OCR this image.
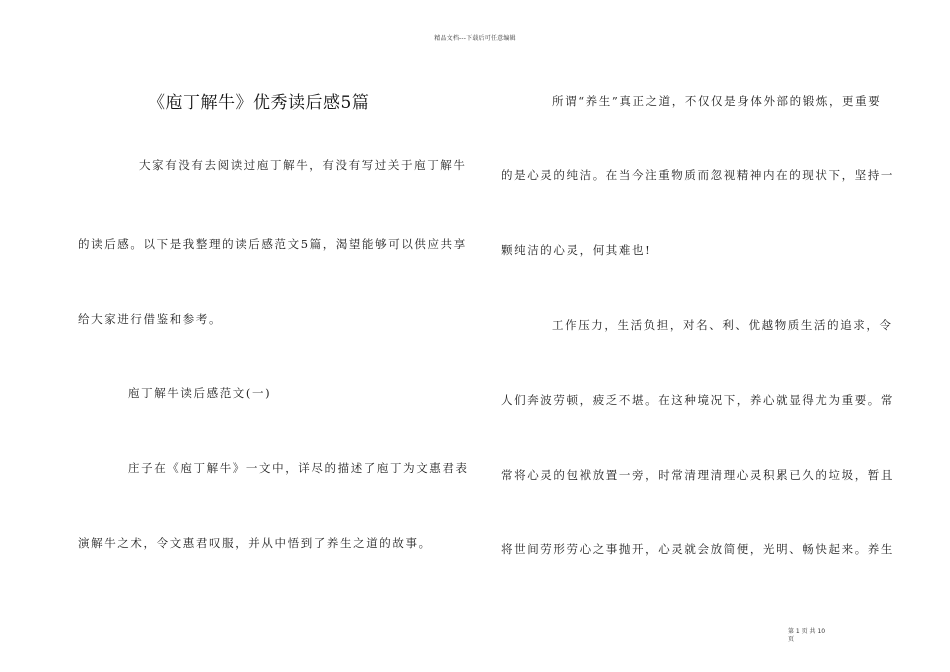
精品文档---下载后可任意编辑
《庖丁解牛》优秀读后感5篇
大家有没有去阅读过庖丁解牛，有没有写过关于庖丁解牛
的读后感。以下是我整理的读后感范文5篇，渴望能够可以供应共享
给大家进行借鉴和参考。
庖丁解牛读后感范文(一)
庄子在《庖丁解牛》一文中，详尽的描述了庖丁为文惠君表
演解牛之术，令文惠君叹服，并从中悟到了养生之道的故事。
所谓“养生”真正之道，不仅仅是身体外部的锻炼，更重要
的是心灵的纯洁。在当今注重物质而忽视精神内在的现状下，坚持一
颗纯洁的心灵，何其难也!
工作压力，生活负担，对名、利、优越物质生活的追求，令
人们奔波劳顿，疲乏不堪。在这种境况下，养心就显得尤为重要。常
常将心灵的包袱放置一旁，时常清理清理心灵积累已久的垃圾，暂且
将世间劳形劳心之事抛开，心灵就会放简便，光明、畅快起来。养生
第 1 页 共 10 页
